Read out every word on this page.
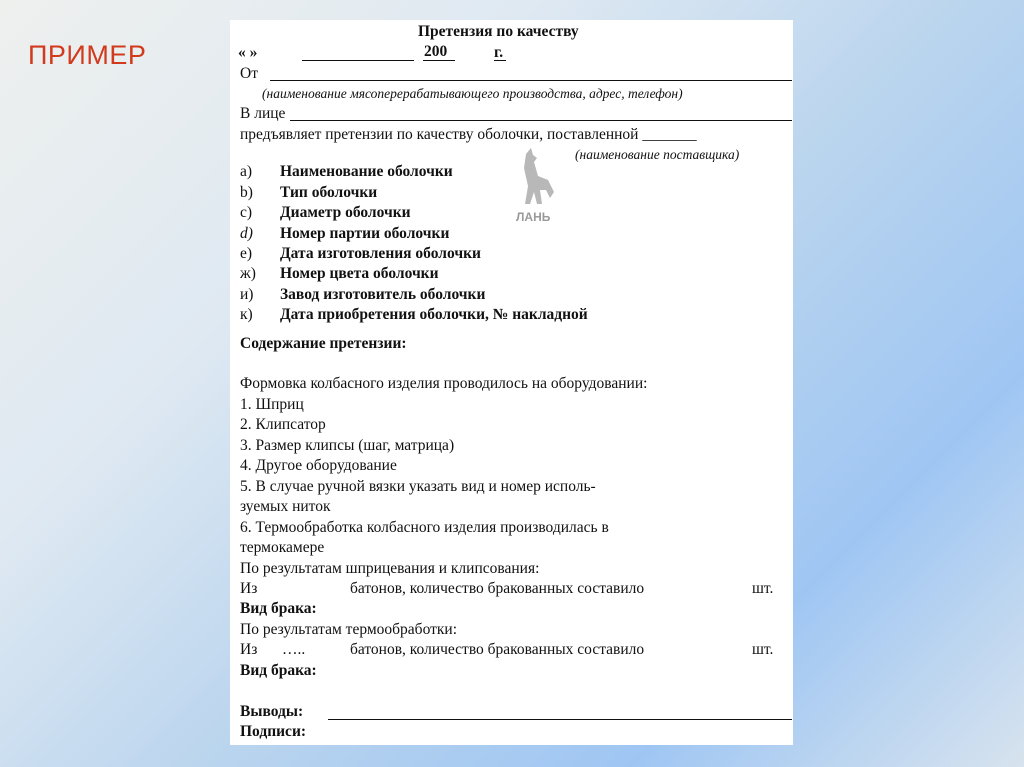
ПРИМЕР
Претензия по качеству
« »	200	г.
От
(наименование мясоперерабатывающего производства, адрес, телефон)
В лице
предъявляет претензии по качеству оболочки, поставленной _______
(наименование поставщика)
ЛАНЬ
a) Наименование оболочки
b) Тип оболочки
c) Диаметр оболочки
d) Номер партии оболочки
e) Дата изготовления оболочки
ж) Номер цвета оболочки
и) Завод изготовитель оболочки
к) Дата приобретения оболочки, № накладной
Содержание претензии:
Формовка колбасного изделия проводилось на оборудовании:
1. Шприц
2. Клипсатор
3. Размер клипсы (шаг, матрица)
4. Другое оборудование
5. В случае ручной вязки указать вид и номер исполь-
зуемых ниток
6. Термообработка колбасного изделия производилась в
термокамере
По результатам шприцевания и клипсования:
Из	батонов, количество бракованных составило	шт.
Вид брака:
По результатам термообработки:
Из …..	батонов, количество бракованных составило	шт.
Вид брака:
Выводы:
Подписи:
